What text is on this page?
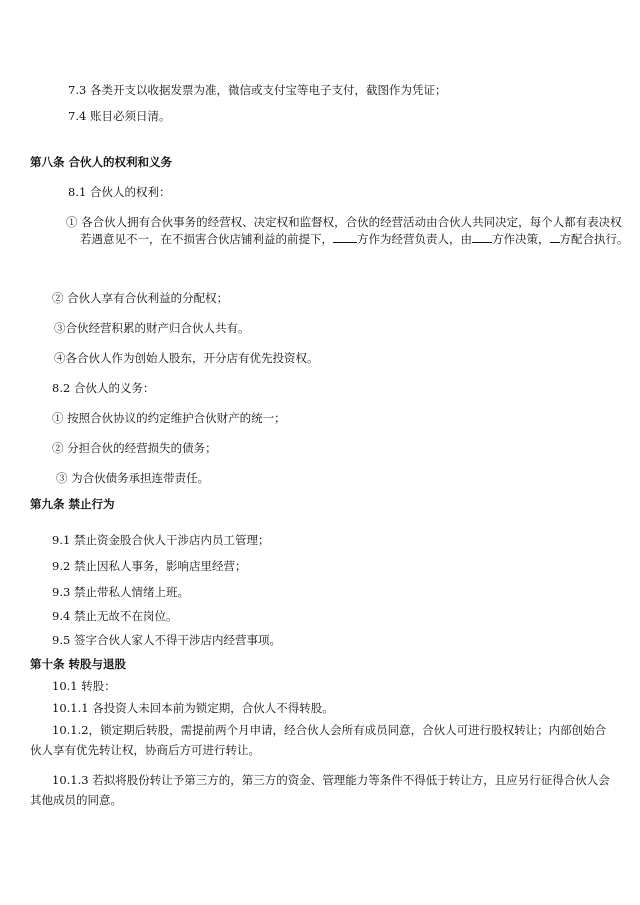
7.3 各类开支以收据发票为准，微信或支付宝等电子支付，截图作为凭证；
7.4 账目必须日清。
第八条 合伙人的权利和义务
8.1 合伙人的权利：
① 各合伙人拥有合伙事务的经营权、决定权和监督权，合伙的经营活动由合伙人共同决定，每个人都有表决权
若遇意见不一，在不损害合伙店铺利益的前提下， 方作为经营负责人，由 方作决策， 方配合执行。
② 合伙人享有合伙利益的分配权；
③合伙经营积累的财产归合伙人共有。
④各合伙人作为创始人股东，开分店有优先投资权。
8.2 合伙人的义务：
① 按照合伙协议的约定维护合伙财产的统一；
② 分担合伙的经营损失的债务；
③ 为合伙债务承担连带责任。
第九条 禁止行为
9.1 禁止资金股合伙人干涉店内员工管理；
9.2 禁止因私人事务，影响店里经营；
9.3 禁止带私人情绪上班。
9.4 禁止无故不在岗位。
9.5 签字合伙人家人不得干涉店内经营事项。
第十条 转股与退股
10.1 转股：
10.1.1 各投资人未回本前为锁定期，合伙人不得转股。
10.1.2，锁定期后转股，需提前两个月申请，经合伙人会所有成员同意，合伙人可进行股权转让；内部创始合伙人享有优先转让权，协商后方可进行转让。
10.1.3 若拟将股份转让予第三方的，第三方的资金、管理能力等条件不得低于转让方，且应另行征得合伙人会其他成员的同意。
